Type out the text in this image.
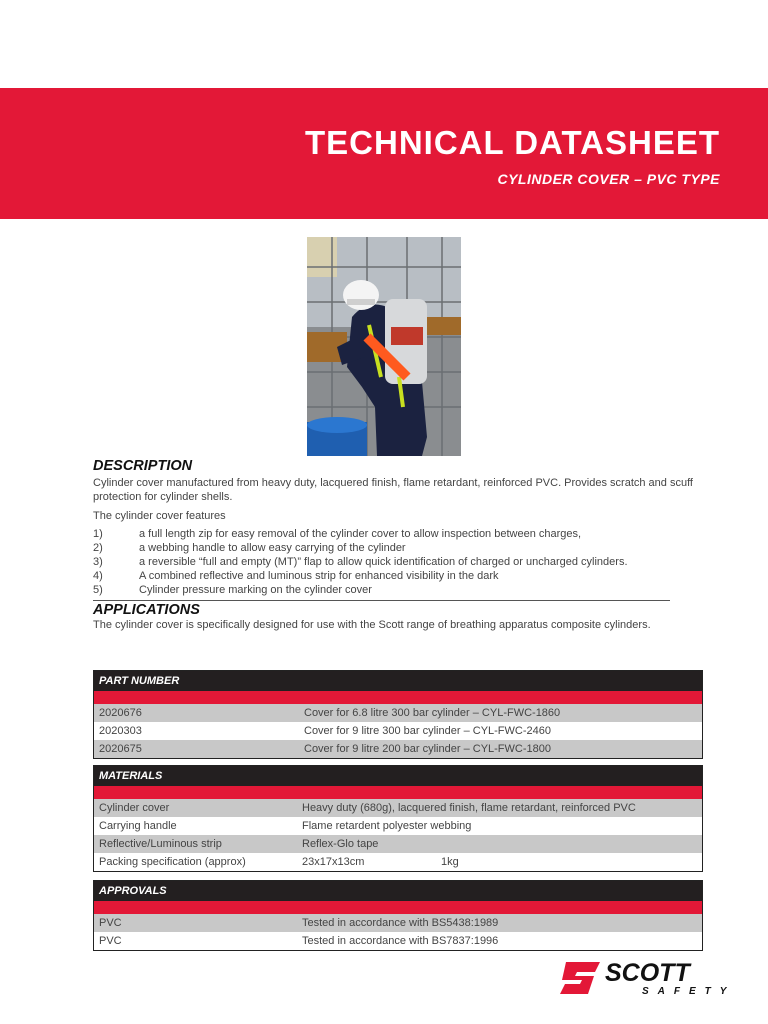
TECHNICAL DATASHEET
CYLINDER COVER – PVC TYPE
DESCRIPTION

Cylinder cover manufactured from heavy duty, lacquered finish, flame retardant, reinforced PVC. Provides scratch and scuff protection for cylinder shells.

The cylinder cover features

1)	a full length zip for easy removal of the cylinder cover to allow inspection between charges,
2)	a webbing handle to allow easy carrying of the cylinder
3)	a reversible “full and empty (MT)” flap to allow quick identification of charged or uncharged cylinders.
4)	A combined reflective and luminous strip for enhanced visibility in the dark
5)	Cylinder pressure marking on the cylinder cover
APPLICATIONS

The cylinder cover is specifically designed for use with the Scott range of breathing apparatus composite cylinders.

PART NUMBER
2020676	Cover for 6.8 litre 300 bar cylinder – CYL-FWC-1860
2020303	Cover for 9 litre 300 bar cylinder – CYL-FWC-2460
2020675	Cover for 9 litre 200 bar cylinder – CYL-FWC-1800
MATERIALS
Cylinder cover	Heavy duty (680g), lacquered finish, flame retardant, reinforced PVC
Carrying handle	Flame retardent polyester webbing
Reflective/Luminous strip	Reflex-Glo tape
Packing specification (approx)	23x17x13cm	1kg
APPROVALS
PVC	Tested in accordance with BS5438:1989
PVC	Tested in accordance with BS7837:1996
SCOTT
SAFETY
